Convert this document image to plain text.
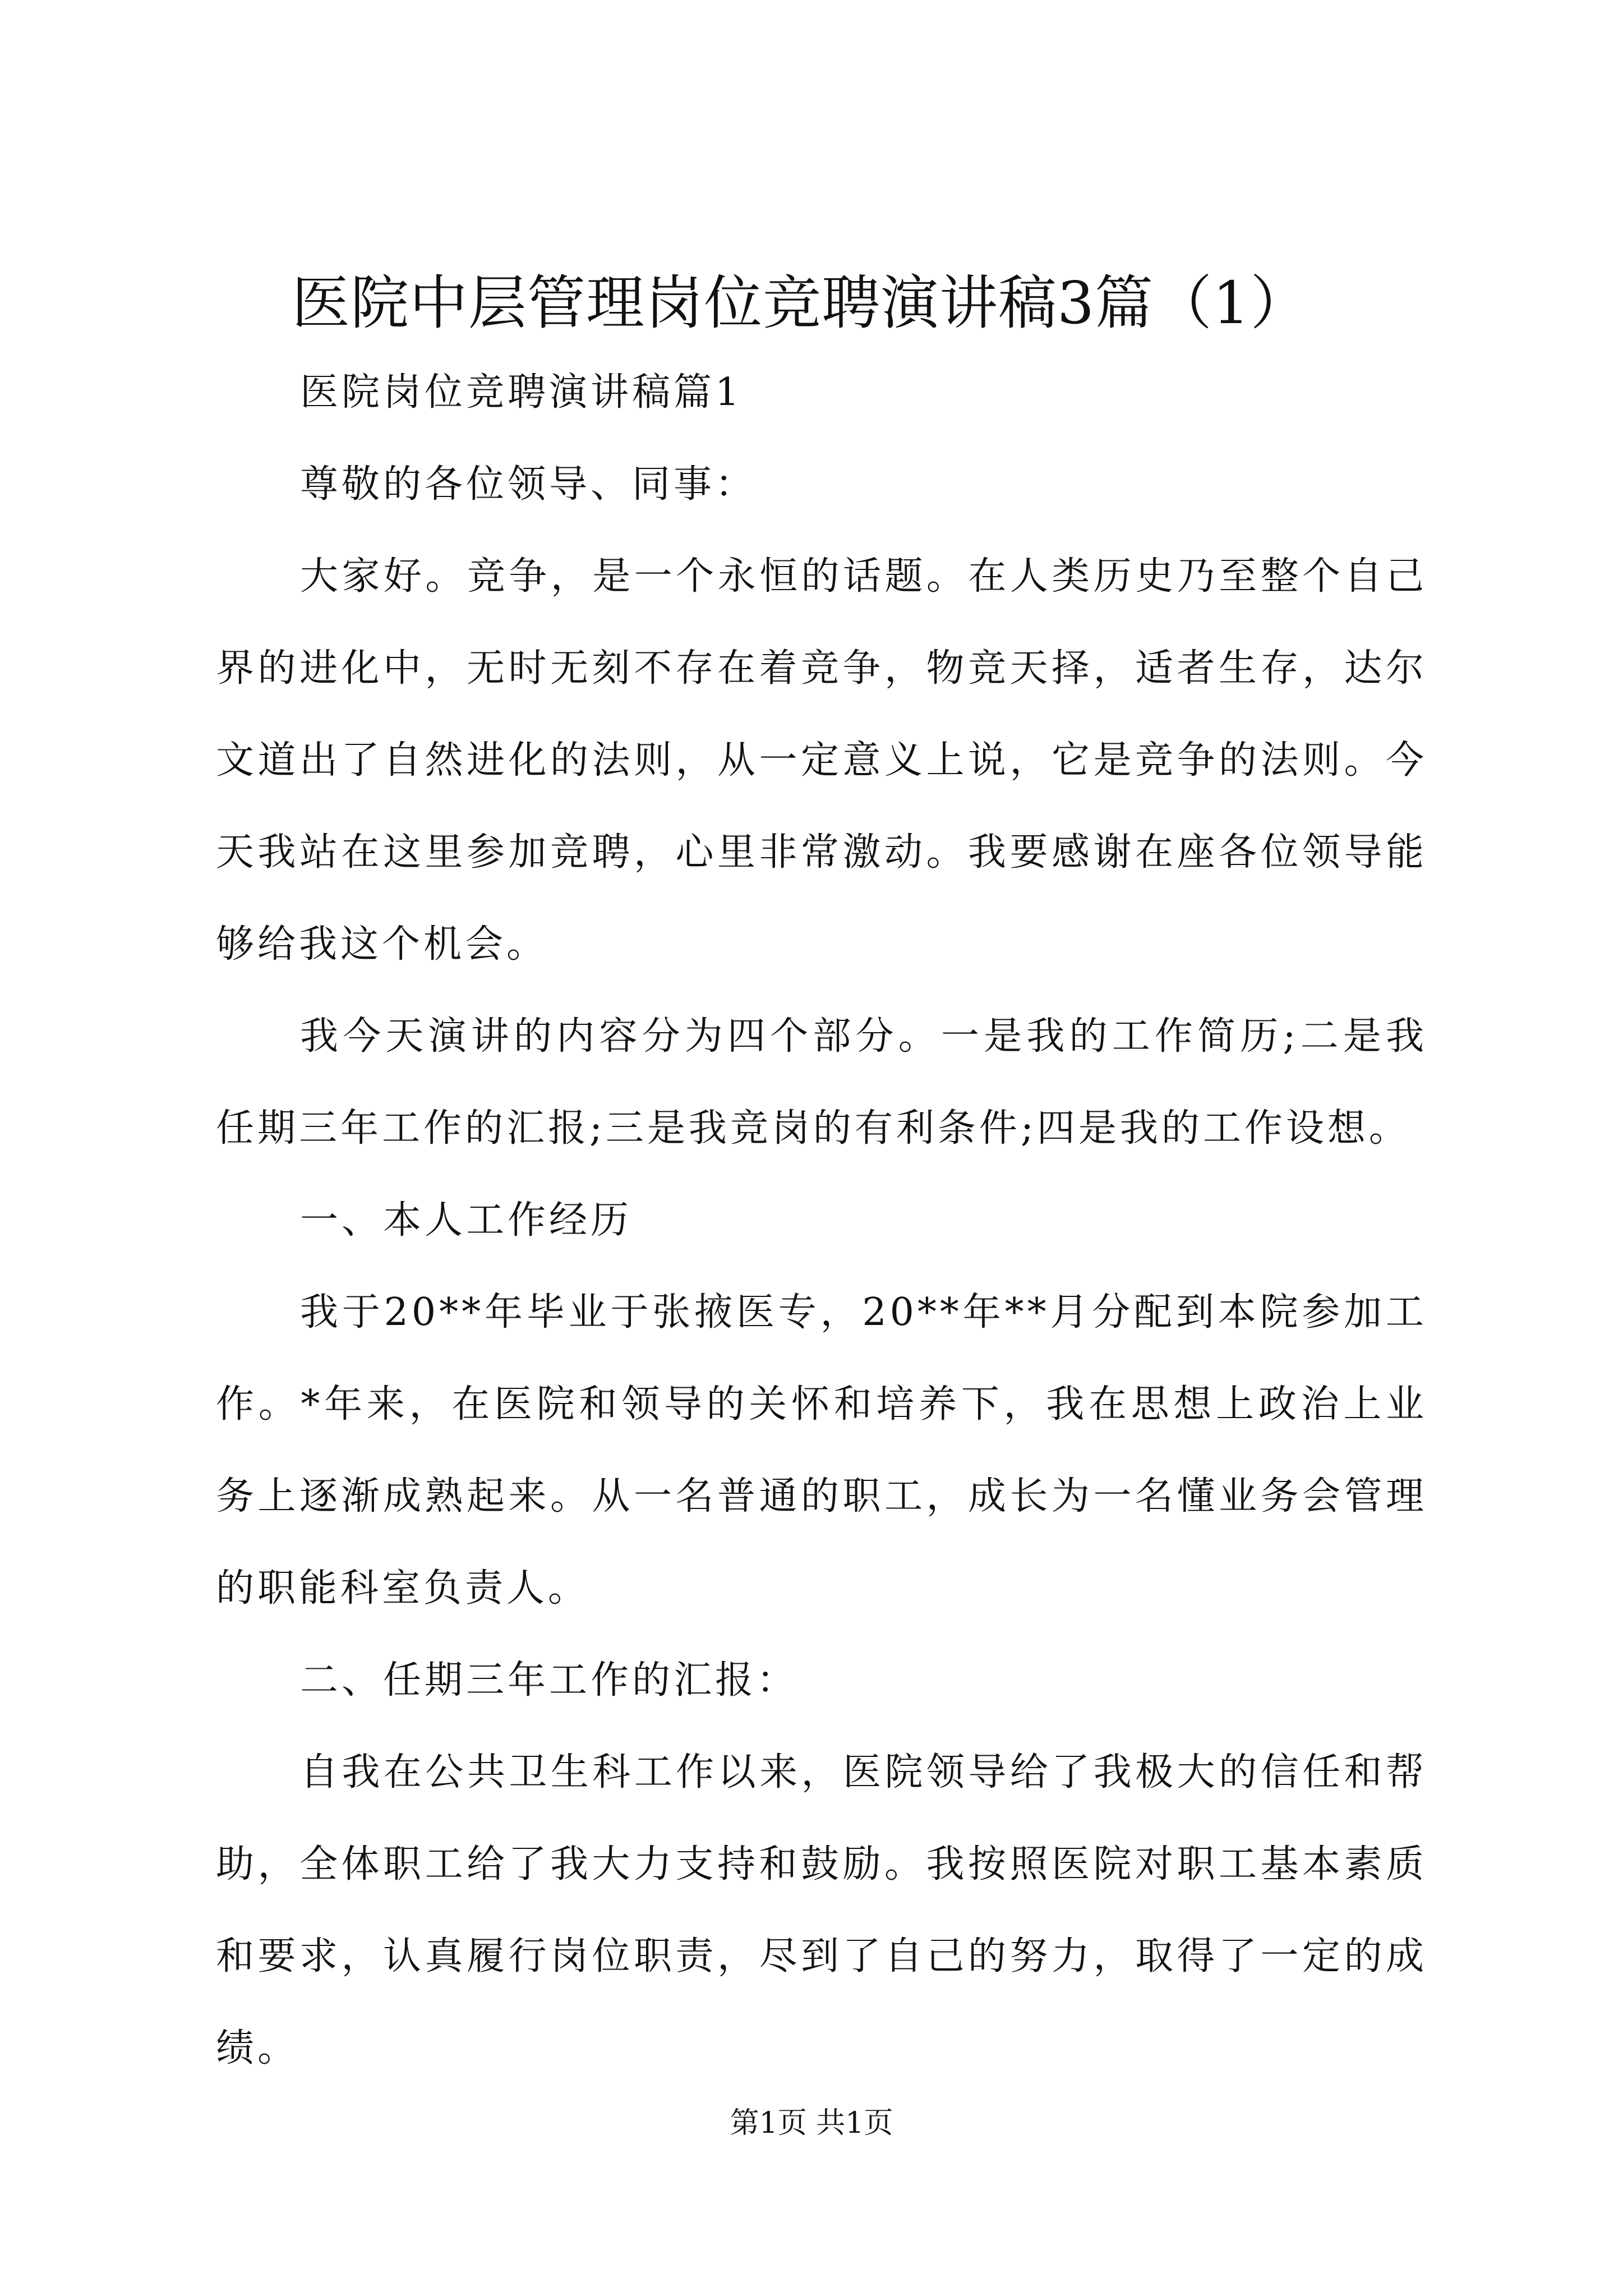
医院中层管理岗位竞聘演讲稿3篇（1）

医院岗位竞聘演讲稿篇1

尊敬的各位领导、同事：

大家好。竞争，是一个永恒的话题。在人类历史乃至整个自己界的进化中，无时无刻不存在着竞争，物竞天择，适者生存，达尔文道出了自然进化的法则，从一定意义上说，它是竞争的法则。今天我站在这里参加竞聘，心里非常激动。我要感谢在座各位领导能够给我这个机会。

我今天演讲的内容分为四个部分。一是我的工作简历;二是我任期三年工作的汇报;三是我竞岗的有利条件;四是我的工作设想。

一、本人工作经历

我于20**年毕业于张掖医专，20**年**月分配到本院参加工作。*年来，在医院和领导的关怀和培养下，我在思想上政治上业务上逐渐成熟起来。从一名普通的职工，成长为一名懂业务会管理的职能科室负责人。

二、任期三年工作的汇报：

自我在公共卫生科工作以来，医院领导给了我极大的信任和帮助，全体职工给了我大力支持和鼓励。我按照医院对职工基本素质和要求，认真履行岗位职责，尽到了自己的努力，取得了一定的成绩。

第1页 共1页
